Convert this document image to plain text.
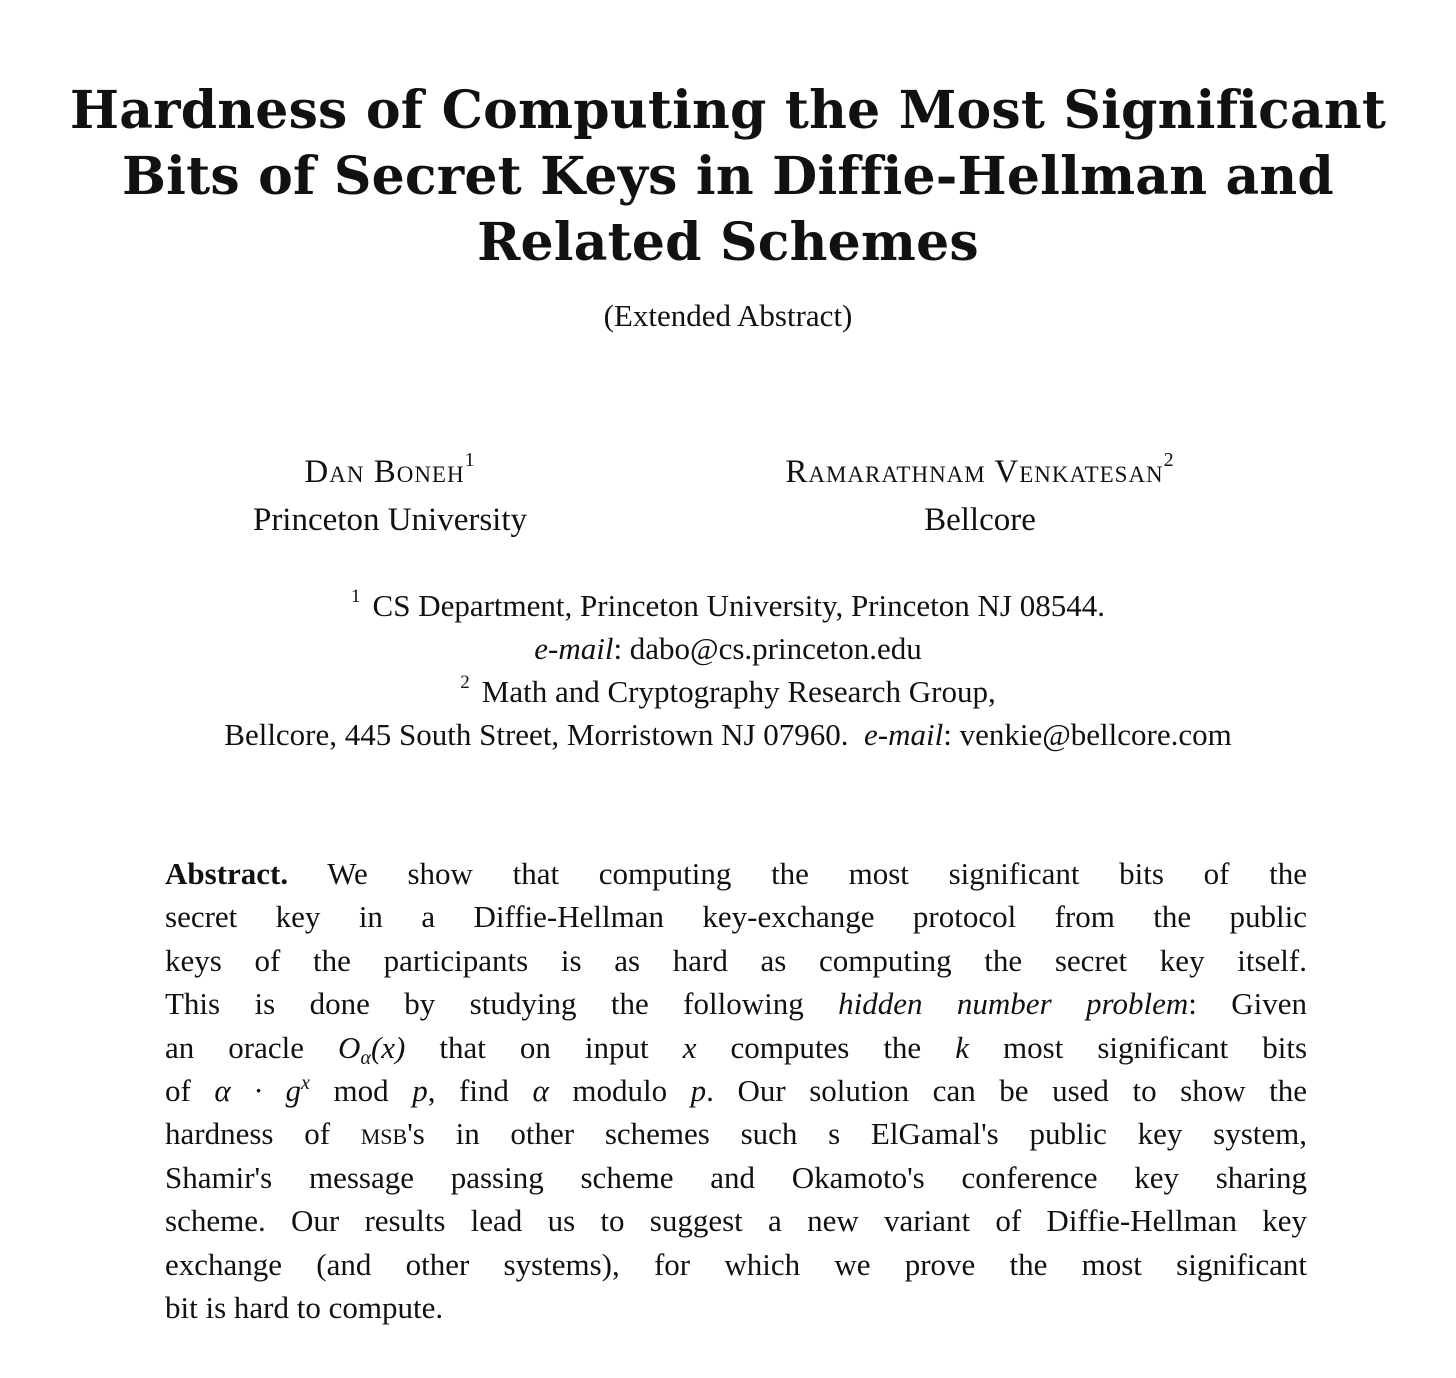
Hardness of Computing the Most Significant
Bits of Secret Keys in Diffie-Hellman and
Related Schemes
(Extended Abstract)
Dan Boneh$^1$
Princeton University
Ramarathnam Venkatesan$^2$
Bellcore
$^1$ CS Department, Princeton University, Princeton NJ 08544.
e-mail: dabo@cs.princeton.edu
$^2$ Math and Cryptography Research Group,
Bellcore, 445 South Street, Morristown NJ 07960. e-mail: venkie@bellcore.com
Abstract. We show that computing the most significant bits of the
secret key in a Diffie-Hellman key-exchange protocol from the public
keys of the participants is as hard as computing the secret key itself.
This is done by studying the following hidden number problem: Given
an oracle $O_\alpha(x)$ that on input x computes the k most significant bits
of $\alpha \cdot g^x$ mod p, find α modulo p. Our solution can be used to show the
hardness of msb's in other schemes such s ElGamal's public key system,
Shamir's message passing scheme and Okamoto's conference key sharing
scheme. Our results lead us to suggest a new variant of Diffie-Hellman key
exchange (and other systems), for which we prove the most significant
bit is hard to compute.
